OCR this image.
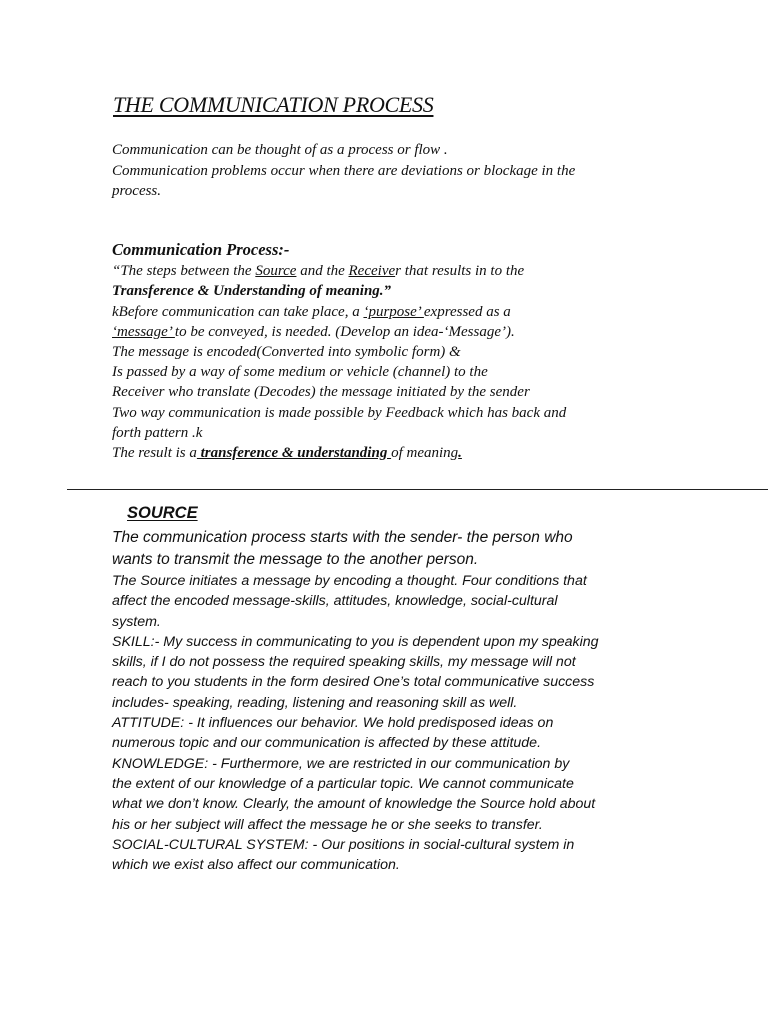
THE COMMUNICATION PROCESS

Communication can be thought of as a process or flow .

Communication problems occur when there are deviations or blockage in the

process.

Communication Process:-

“The steps between the Source and the Receiver that results in to the

Transference & Understanding of meaning.”

kBefore communication can take place, a ‘purpose’ expressed as a

‘message’ to be conveyed, is needed. (Develop an idea-‘Message’).

The message is encoded(Converted into symbolic form) &

Is passed by a way of some medium or vehicle (channel) to the

Receiver who translate (Decodes) the message initiated by the sender

Two way communication is made possible by Feedback which has back and

forth pattern .k

The result is a transference & understanding of meaning.

SOURCE

The communication process starts with the sender- the person who

wants to transmit the message to the another person.

The Source initiates a message by encoding a thought. Four conditions that

affect the encoded message-skills, attitudes, knowledge, social-cultural

system.

SKILL:- My success in communicating to you is dependent upon my speaking

skills, if I do not possess the required speaking skills, my message will not

reach to you students in the form desired One’s total communicative success

includes- speaking, reading, listening and reasoning skill as well.

ATTITUDE: - It influences our behavior. We hold predisposed ideas on

numerous topic and our communication is affected by these attitude.

KNOWLEDGE: - Furthermore, we are restricted in our communication by

the extent of our knowledge of a particular topic. We cannot communicate

what we don’t know. Clearly, the amount of knowledge the Source hold about

his or her subject will affect the message he or she seeks to transfer.

SOCIAL-CULTURAL SYSTEM: - Our positions in social-cultural system in

which we exist also affect our communication.
